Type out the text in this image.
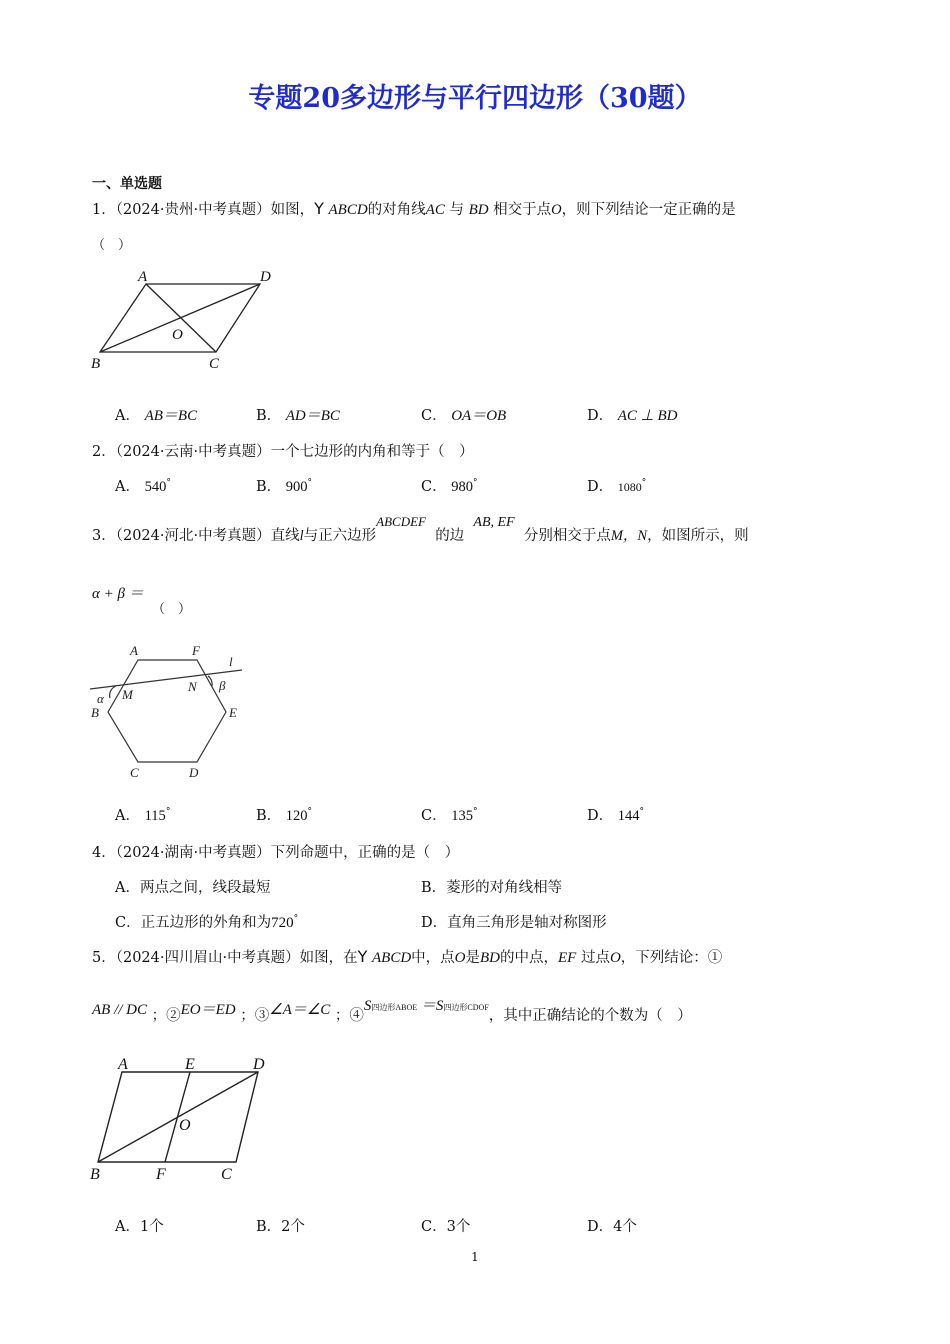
专题20多边形与平行四边形（30题）
一、单选题
1．（2024·贵州·中考真题）如图，Y ABCD的对角线AC 与 BD 相交于点O，则下列结论一定正确的是
（　）
A	D
O
B	C
A． AB＝BC	B． AD＝BC	C． OA＝OB	D． AC ⊥ BD
2．（2024·云南·中考真题）一个七边形的内角和等于（　）
A． 540°	B． 900°	C． 980°	D． 1080°
3．（2024·河北·中考真题）直线l与正六边形ABCDEF  的边  AB, EF  分别相交于点M，N，如图所示，则
α + β ＝
（　）
A	F
l
M
N
α
β
B	E
C	D
A． 115°	B． 120°	C． 135°	D． 144°
4．（2024·湖南·中考真题）下列命题中，正确的是（　）
A．两点之间，线段最短	B．菱形的对角线相等
C．正五边形的外角和为720°	D．直角三角形是轴对称图形
5．（2024·四川眉山·中考真题）如图，在Y ABCD中，点O是BD的中点，EF 过点O，下列结论：①
AB // DC ；②EO＝ED ；③∠A＝∠C ；④S四边形ABOE ＝S四边形CDOF，其中正确结论的个数为（　）
A	E	D
O
B	F	C
A．1个	B．2个	C．3个	D．4个
1
